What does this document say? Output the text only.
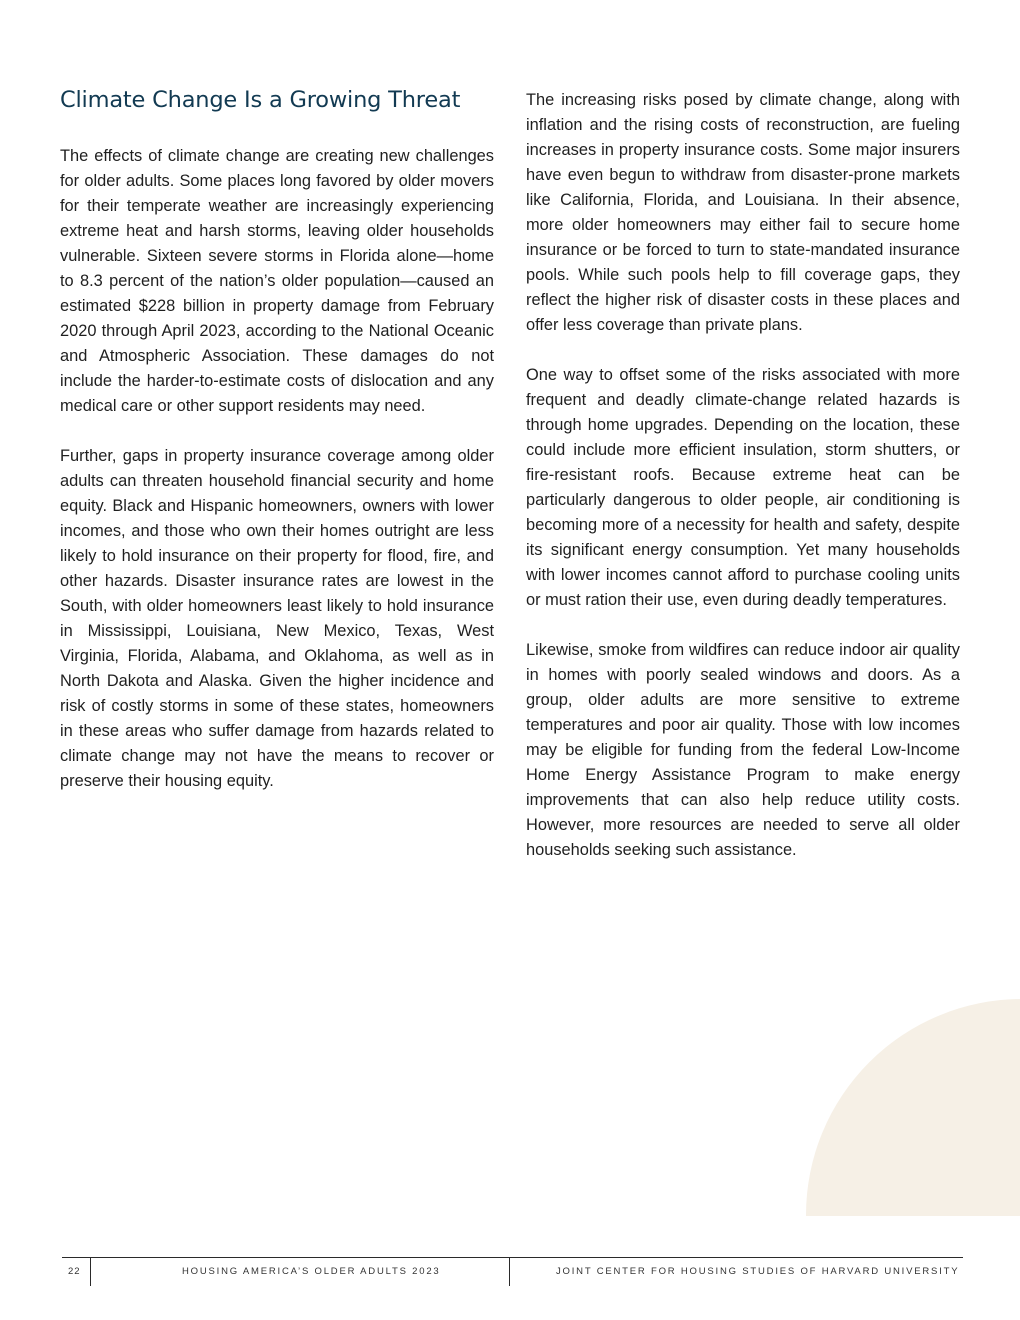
Climate Change Is a Growing Threat

The effects of climate change are creating new challenges for older adults. Some places long favored by older movers for their temperate weather are increasingly experiencing extreme heat and harsh storms, leaving older households vulnerable. Sixteen severe storms in Florida alone—home to 8.3 percent of the nation’s older population—caused an estimated $228 billion in property damage from February 2020 through April 2023, according to the National Oceanic and Atmospheric Association. These damages do not include the harder-to-estimate costs of dislocation and any medical care or other support residents may need.

Further, gaps in property insurance coverage among older adults can threaten household financial security and home equity. Black and Hispanic homeowners, owners with lower incomes, and those who own their homes outright are less likely to hold insurance on their property for flood, fire, and other hazards. Disaster insurance rates are lowest in the South, with older homeowners least likely to hold insurance in Mississippi, Louisiana, New Mexico, Texas, West Virginia, Florida, Alabama, and Oklahoma, as well as in North Dakota and Alaska. Given the higher incidence and risk of costly storms in some of these states, homeowners in these areas who suffer damage from hazards related to climate change may not have the means to recover or preserve their housing equity.

The increasing risks posed by climate change, along with inflation and the rising costs of reconstruction, are fueling increases in property insurance costs. Some major insurers have even begun to withdraw from disaster-prone markets like California, Florida, and Louisiana. In their absence, more older homeowners may either fail to secure home insurance or be forced to turn to state-mandated insurance pools. While such pools help to fill coverage gaps, they reflect the higher risk of disaster costs in these places and offer less coverage than private plans.

One way to offset some of the risks associated with more frequent and deadly climate-change related hazards is through home upgrades. Depending on the location, these could include more efficient insulation, storm shutters, or fire-resistant roofs. Because extreme heat can be particularly dangerous to older people, air conditioning is becoming more of a necessity for health and safety, despite its significant energy consumption. Yet many households with lower incomes cannot afford to purchase cooling units or must ration their use, even during deadly temperatures.

Likewise, smoke from wildfires can reduce indoor air quality in homes with poorly sealed windows and doors. As a group, older adults are more sensitive to extreme temperatures and poor air quality. Those with low incomes may be eligible for funding from the federal Low-Income Home Energy Assistance Program to make energy improvements that can also help reduce utility costs. However, more resources are needed to serve all older households seeking such assistance.

22	HOUSING AMERICA’S OLDER ADULTS 2023	JOINT CENTER FOR HOUSING STUDIES OF HARVARD UNIVERSITY
